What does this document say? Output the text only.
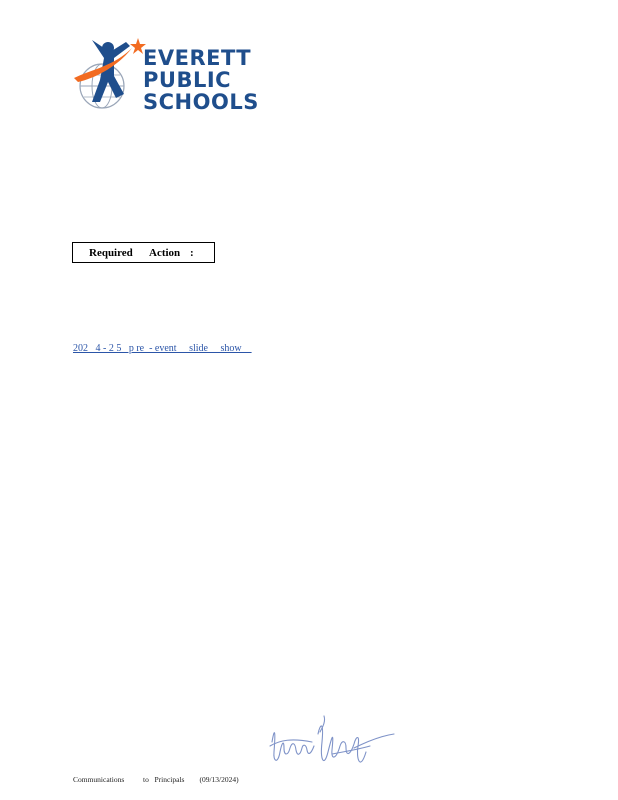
EVERETT
PUBLIC
SCHOOLS
Required Action :
202   4 - 2 5   p re  - event     slide     show
Communications          to   Principals        (09/13/2024)
